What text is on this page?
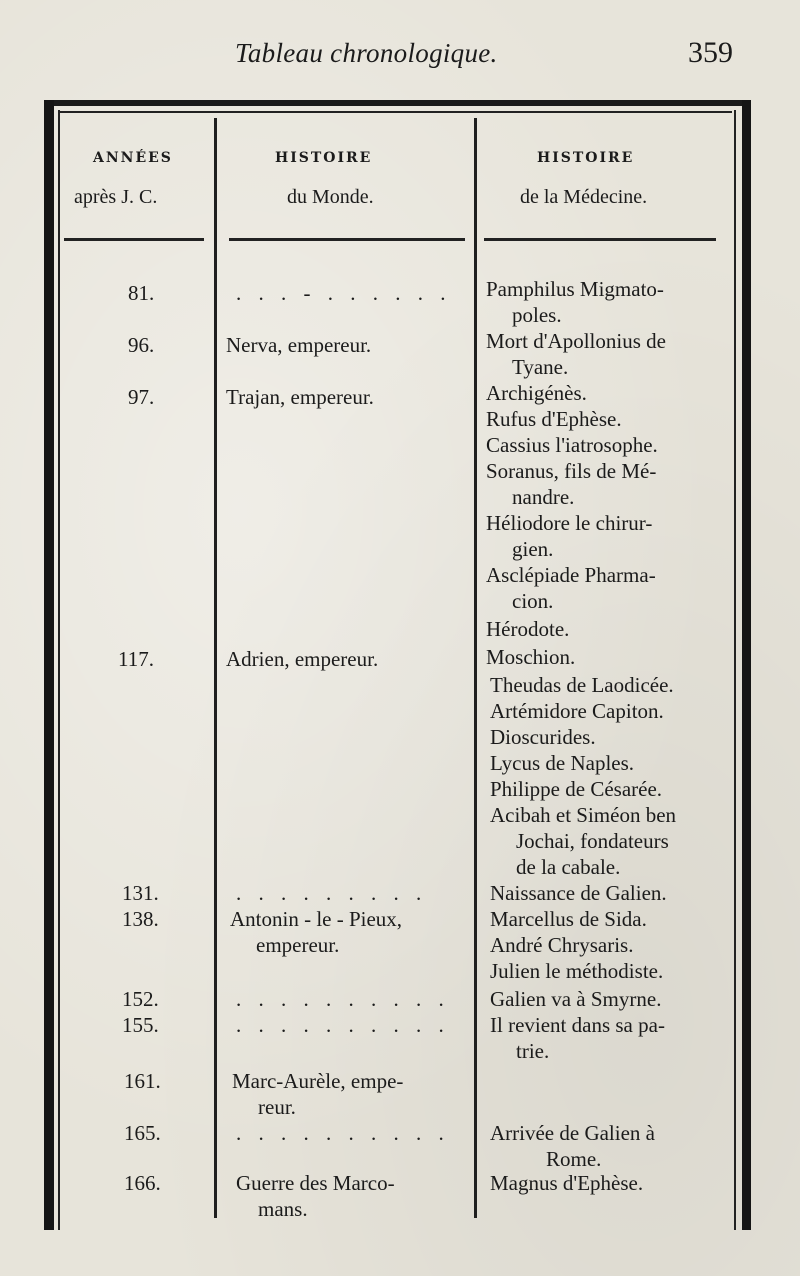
Tableau chronologique.	359
ANNÉES
après J. C.
HISTOIRE
du Monde.
HISTOIRE
de la Médecine.
81.
96.
97.
117.
131.
138.
152.
155.
161.
165.
166.
. . . - . . . . . .
Nerva, empereur.
Trajan, empereur.
Adrien, empereur.
. . . . . . . . .
Antonin - le - Pieux,
empereur.
. . . . . . . . . .
. . . . . . . . . .
Marc-Aurèle, empe-
reur.
. . . . . . . . . .
Guerre des Marco-
mans.
Pamphilus Migmato-
poles.
Mort d'Apollonius de
Tyane.
Archigénès.
Rufus d'Ephèse.
Cassius l'iatrosophe.
Soranus, fils de Mé-
nandre.
Héliodore le chirur-
gien.
Asclépiade Pharma-
cion.
Hérodote.
Moschion.
Theudas de Laodicée.
Artémidore Capiton.
Dioscurides.
Lycus de Naples.
Philippe de Césarée.
Acibah et Siméon ben
Jochai, fondateurs
de la cabale.
Naissance de Galien.
Marcellus de Sida.
André Chrysaris.
Julien le méthodiste.
Galien va à Smyrne.
Il revient dans sa pa-
trie.
Arrivée de Galien à
Rome.
Magnus d'Ephèse.
